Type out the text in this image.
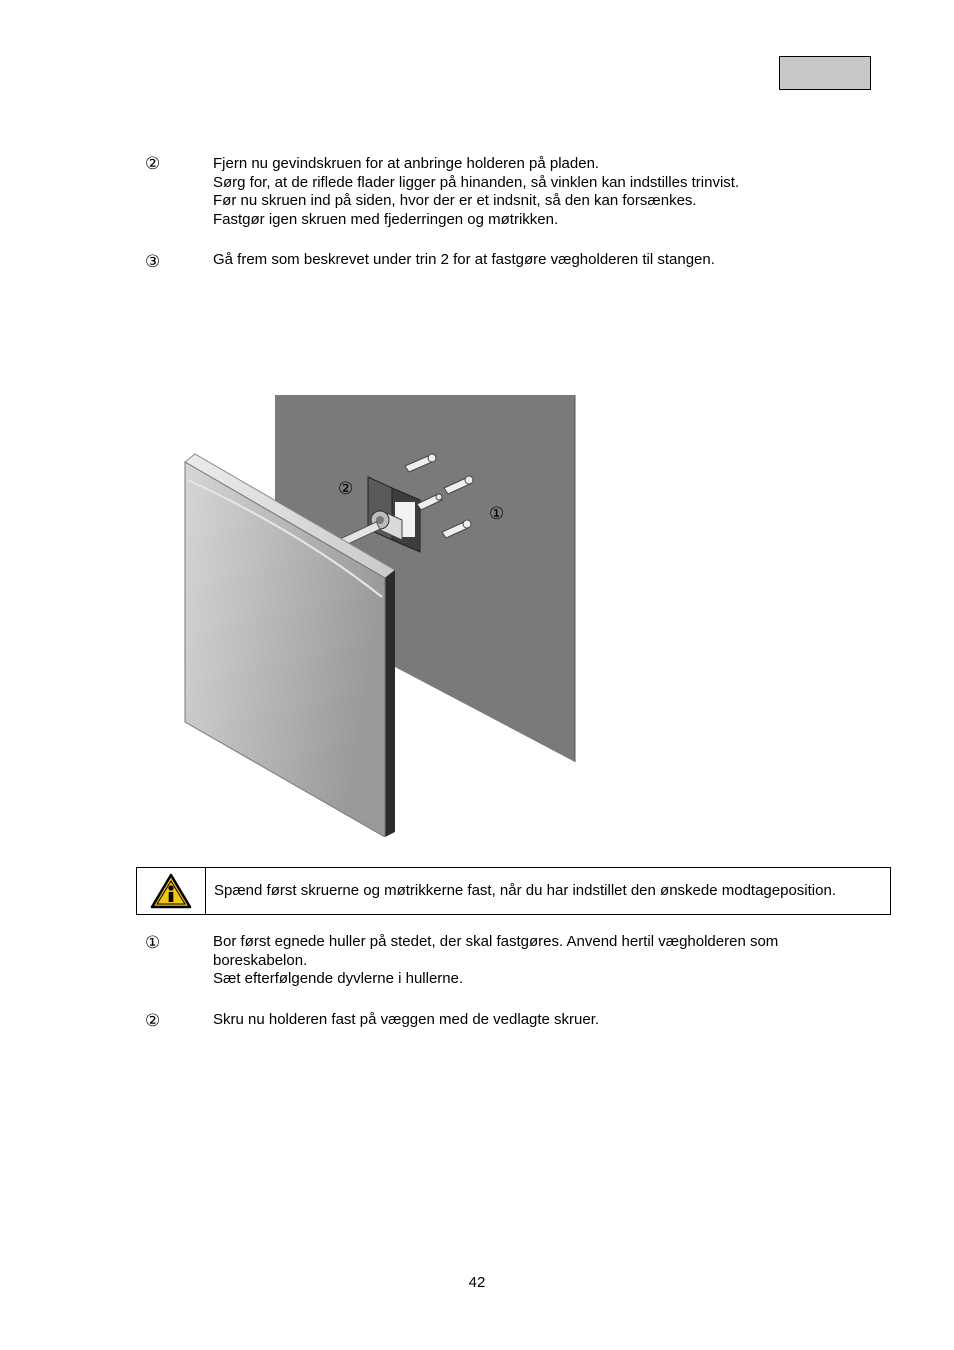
②	Fjern nu gevindskruen for at anbringe holderen på pladen.
Sørg for, at de riflede flader ligger på hinanden, så vinklen kan indstilles trinvist.
Før nu skruen ind på siden, hvor der er et indsnit, så den kan forsænkes.
Fastgør igen skruen med fjederringen og møtrikken.
③	Gå frem som beskrevet under trin 2 for at fastgøre vægholderen til stangen.
②
①
Spænd først skruerne og møtrikkerne fast, når du har indstillet den ønskede modtageposition.
①	Bor først egnede huller på stedet, der skal fastgøres. Anvend hertil vægholderen som
boreskabelon.
Sæt efterfølgende dyvlerne i hullerne.
②	Skru nu holderen fast på væggen med de vedlagte skruer.
42
